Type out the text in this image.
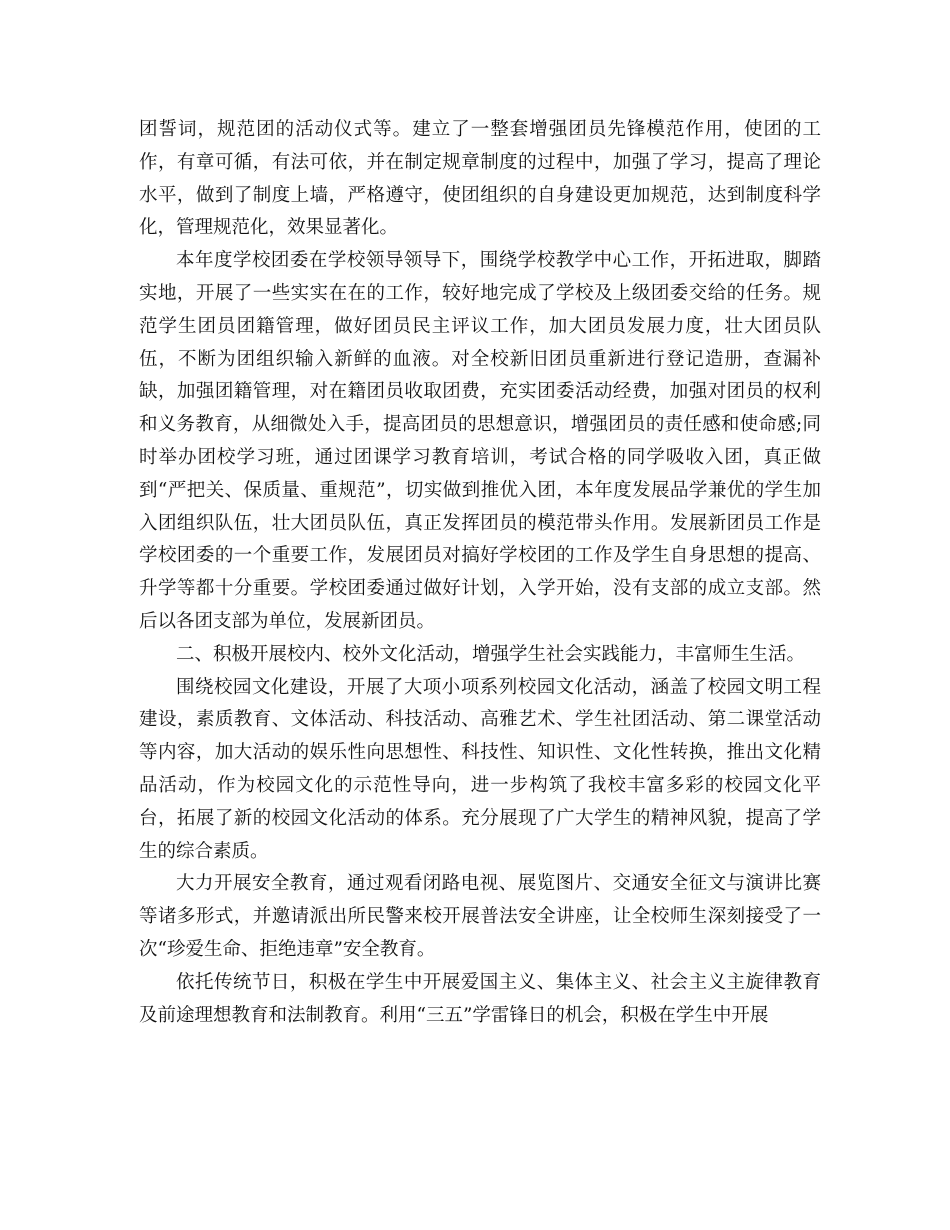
团誓词，规范团的活动仪式等。建立了一整套增强团员先锋模范作用，使团的工作，有章可循，有法可依，并在制定规章制度的过程中，加强了学习，提高了理论水平，做到了制度上墙，严格遵守，使团组织的自身建设更加规范，达到制度科学化，管理规范化，效果显著化。

本年度学校团委在学校领导领导下，围绕学校教学中心工作，开拓进取，脚踏实地，开展了一些实实在在的工作，较好地完成了学校及上级团委交给的任务。规范学生团员团籍管理，做好团员民主评议工作，加大团员发展力度，壮大团员队伍，不断为团组织输入新鲜的血液。对全校新旧团员重新进行登记造册，查漏补缺，加强团籍管理，对在籍团员收取团费，充实团委活动经费，加强对团员的权利和义务教育，从细微处入手，提高团员的思想意识，增强团员的责任感和使命感;同时举办团校学习班，通过团课学习教育培训，考试合格的同学吸收入团，真正做到“严把关、保质量、重规范”，切实做到推优入团，本年度发展品学兼优的学生加入团组织队伍，壮大团员队伍，真正发挥团员的模范带头作用。发展新团员工作是学校团委的一个重要工作，发展团员对搞好学校团的工作及学生自身思想的提高、升学等都十分重要。学校团委通过做好计划，入学开始，没有支部的成立支部。然后以各团支部为单位，发展新团员。

二、积极开展校内、校外文化活动，增强学生社会实践能力，丰富师生生活。

围绕校园文化建设，开展了大项小项系列校园文化活动，涵盖了校园文明工程建设，素质教育、文体活动、科技活动、高雅艺术、学生社团活动、第二课堂活动等内容，加大活动的娱乐性向思想性、科技性、知识性、文化性转换，推出文化精品活动，作为校园文化的示范性导向，进一步构筑了我校丰富多彩的校园文化平台，拓展了新的校园文化活动的体系。充分展现了广大学生的精神风貌，提高了学生的综合素质。

大力开展安全教育，通过观看闭路电视、展览图片、交通安全征文与演讲比赛等诸多形式，并邀请派出所民警来校开展普法安全讲座，让全校师生深刻接受了一次“珍爱生命、拒绝违章”安全教育。

依托传统节日，积极在学生中开展爱国主义、集体主义、社会主义主旋律教育及前途理想教育和法制教育。利用“三五”学雷锋日的机会，积极在学生中开展
